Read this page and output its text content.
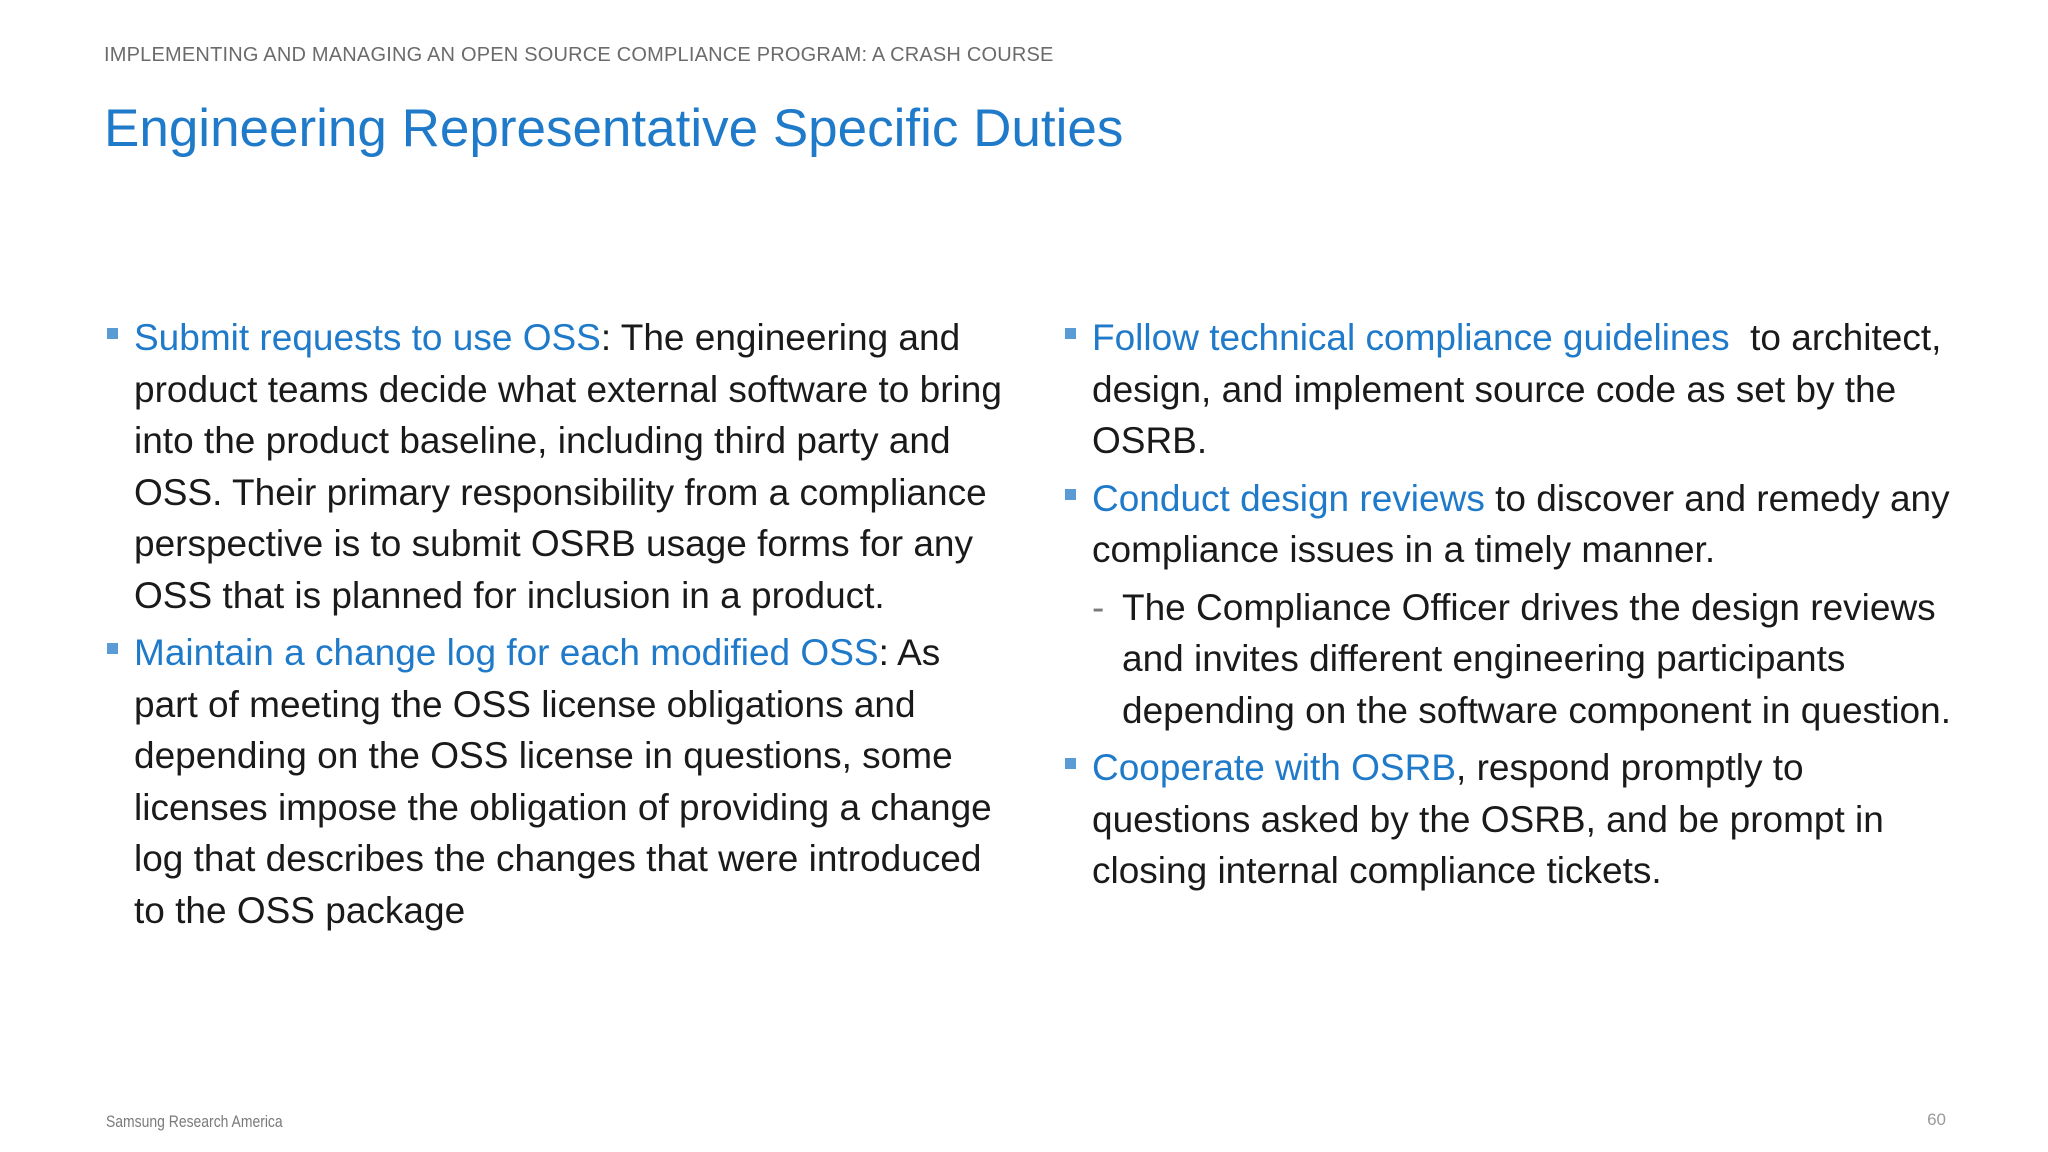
IMPLEMENTING AND MANAGING AN OPEN SOURCE COMPLIANCE PROGRAM: A CRASH COURSE
Engineering Representative Specific Duties
Submit requests to use OSS: The engineering and product teams decide what external software to bring into the product baseline, including third party and OSS. Their primary responsibility from a compliance perspective is to submit OSRB usage forms for any OSS that is planned for inclusion in a product.
Maintain a change log for each modified OSS: As part of meeting the OSS license obligations and depending on the OSS license in questions, some licenses impose the obligation of providing a change log that describes the changes that were introduced to the OSS package
Follow technical compliance guidelines  to architect, design, and implement source code as set by the OSRB.
Conduct design reviews to discover and remedy any compliance issues in a timely manner.
- The Compliance Officer drives the design reviews and invites different engineering participants depending on the software component in question.
Cooperate with OSRB, respond promptly to questions asked by the OSRB, and be prompt in closing internal compliance tickets.
Samsung Research America	60
